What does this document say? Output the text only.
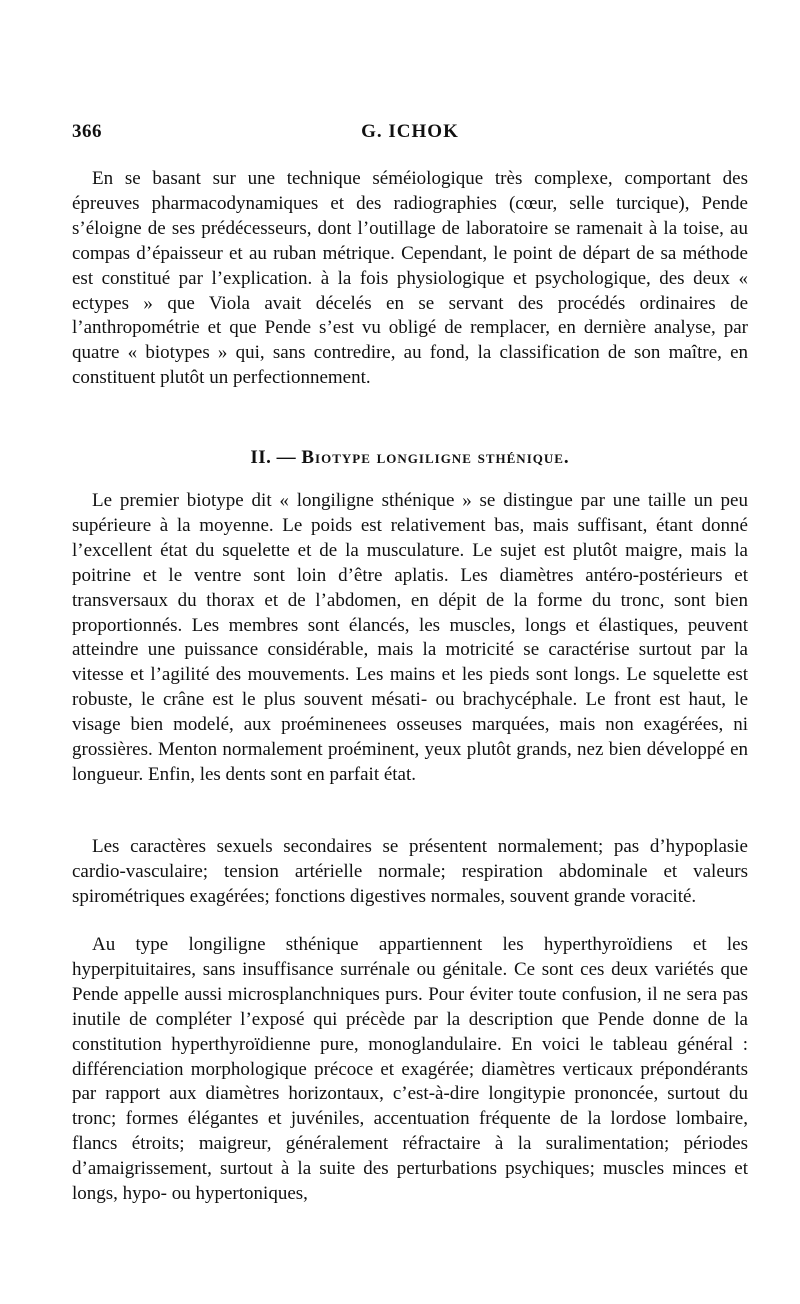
366	G. ICHOK

En se basant sur une technique séméiologique très complexe, comportant des épreuves pharmacodynamiques et des radiographies (cœur, selle turcique), Pende s’éloigne de ses prédécesseurs, dont l’outillage de laboratoire se ramenait à la toise, au compas d’épaisseur et au ruban métrique. Cependant, le point de départ de sa méthode est constitué par l’explication. à la fois physiologique et psychologique, des deux « ectypes » que Viola avait décelés en se servant des procédés ordinaires de l’anthropométrie et que Pende s’est vu obligé de remplacer, en dernière analyse, par quatre « biotypes » qui, sans contredire, au fond, la classification de son maître, en constituent plutôt un perfectionnement.

II. — Biotype longiligne sthénique.

Le premier biotype dit « longiligne sthénique » se distingue par une taille un peu supérieure à la moyenne. Le poids est relativement bas, mais suffisant, étant donné l’excellent état du squelette et de la musculature. Le sujet est plutôt maigre, mais la poitrine et le ventre sont loin d’être aplatis. Les diamètres antéro-postérieurs et transversaux du thorax et de l’abdomen, en dépit de la forme du tronc, sont bien proportionnés. Les membres sont élancés, les muscles, longs et élastiques, peuvent atteindre une puissance considérable, mais la motricité se caractérise surtout par la vitesse et l’agilité des mouvements. Les mains et les pieds sont longs. Le squelette est robuste, le crâne est le plus souvent mésati- ou brachycéphale. Le front est haut, le visage bien modelé, aux proéminenees osseuses marquées, mais non exagérées, ni grossières. Menton normalement proéminent, yeux plutôt grands, nez bien développé en longueur. Enfin, les dents sont en parfait état.

Les caractères sexuels secondaires se présentent normalement; pas d’hypoplasie cardio-vasculaire; tension artérielle normale; respiration abdominale et valeurs spirométriques exagérées; fonctions digestives normales, souvent grande voracité.

Au type longiligne sthénique appartiennent les hyperthyroïdiens et les hyperpituitaires, sans insuffisance surrénale ou génitale. Ce sont ces deux variétés que Pende appelle aussi microsplanchniques purs. Pour éviter toute confusion, il ne sera pas inutile de compléter l’exposé qui précède par la description que Pende donne de la constitution hyperthyroïdienne pure, monoglandulaire. En voici le tableau général : différenciation morphologique précoce et exagérée; diamètres verticaux prépondérants par rapport aux diamètres horizontaux, c’est-à-dire longitypie prononcée, surtout du tronc; formes élégantes et juvéniles, accentuation fréquente de la lordose lombaire, flancs étroits; maigreur, généralement réfractaire à la suralimentation; périodes d’amaigrissement, surtout à la suite des perturbations psychiques; muscles minces et longs, hypo- ou hypertoniques,
